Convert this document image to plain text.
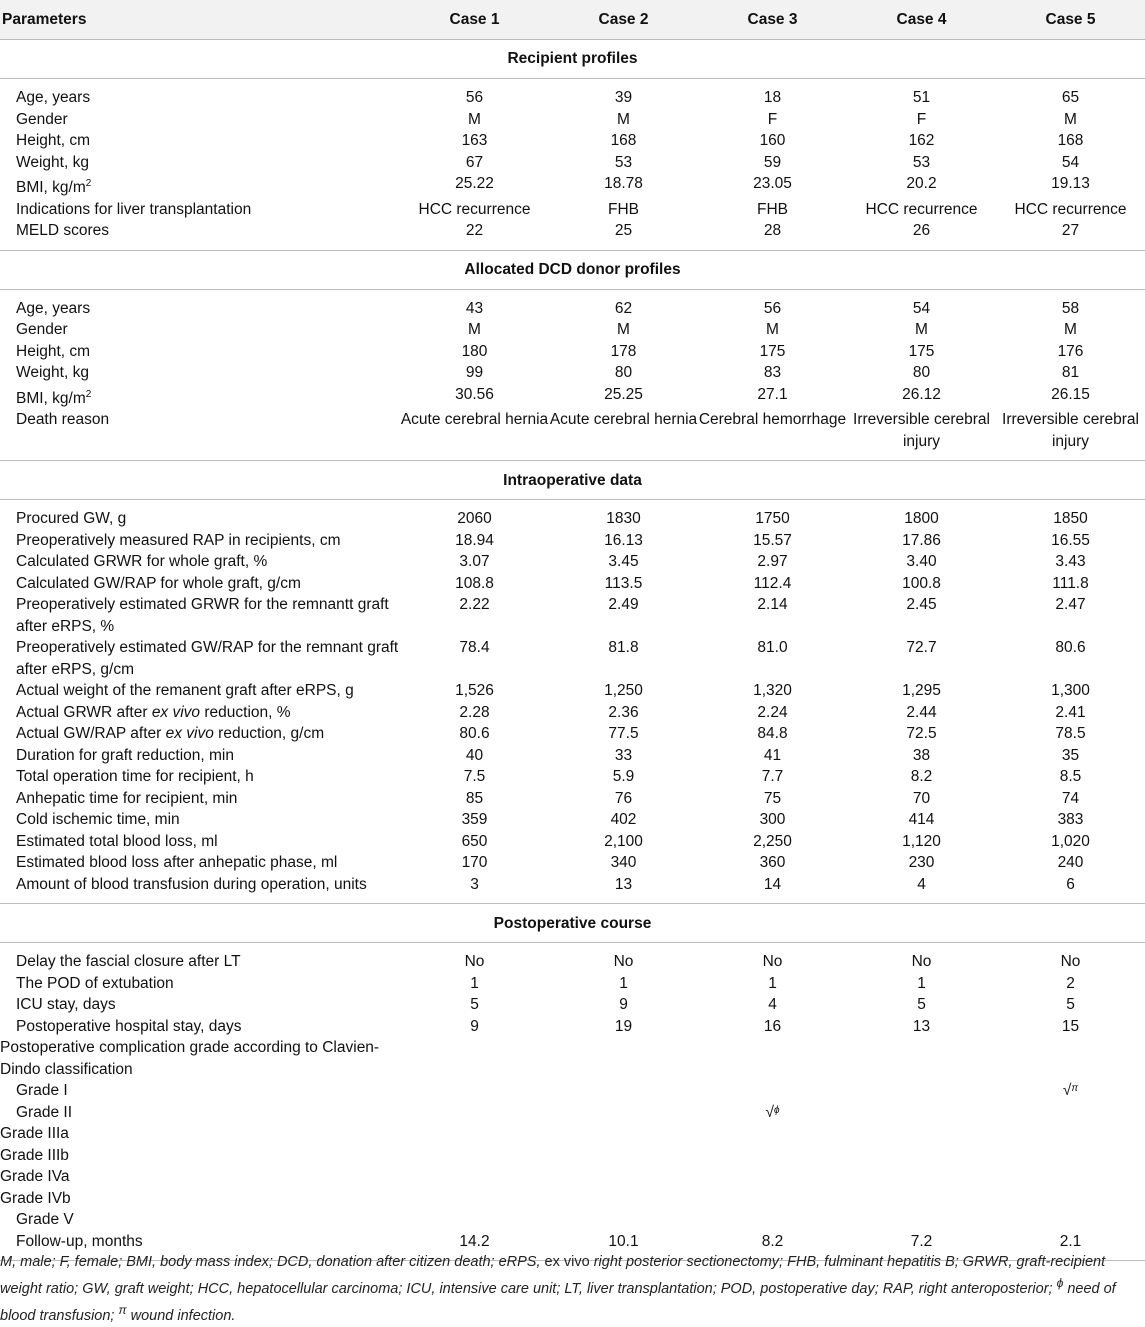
Parameters	Case 1	Case 2	Case 3	Case 4	Case 5
Recipient profiles					
Age, years	56	39	18	51	65
Gender	M	M	F	F	M
Height, cm	163	168	160	162	168
Weight, kg	67	53	59	53	54
BMI, $kg/m^2$	25.22	18.78	23.05	20.2	19.13
Indications for liver transplantation	HCC recurrence	FHB	FHB	HCC recurrence	HCC recurrence
MELD scores	22	25	28	26	27
Allocated DCD donor profiles					
Age, years	43	62	56	54	58
Gender	M	M	M	M	M
Height, cm	180	178	175	175	176
Weight, kg	99	80	83	80	81
BMI, $kg/m^2$	30.56	25.25	27.1	26.12	26.15
Death reason	Acute cerebral hernia	Acute cerebral hernia	Cerebral hemorrhage	Irreversible cerebral injury	Irreversible cerebral injury
Intraoperative data					
Procured GW, g	2060	1830	1750	1800	1850
Preoperatively measured RAP in recipients, cm	18.94	16.13	15.57	17.86	16.55
Calculated GRWR for whole graft, %	3.07	3.45	2.97	3.40	3.43
Calculated GW/RAP for whole graft, g/cm	108.8	113.5	112.4	100.8	111.8
Preoperatively estimated GRWR for the remnantt graft after eRPS, %	2.22	2.49	2.14	2.45	2.47
Preoperatively estimated GW/RAP for the remnant graft after eRPS, g/cm	78.4	81.8	81.0	72.7	80.6
Actual weight of the remanent graft after eRPS, g	1,526	1,250	1,320	1,295	1,300
Actual GRWR after ex vivo reduction, %	2.28	2.36	2.24	2.44	2.41
Actual GW/RAP after ex vivo reduction, g/cm	80.6	77.5	84.8	72.5	78.5
Duration for graft reduction, min	40	33	41	38	35
Total operation time for recipient, h	7.5	5.9	7.7	8.2	8.5
Anhepatic time for recipient, min	85	76	75	70	74
Cold ischemic time, min	359	402	300	414	383
Estimated total blood loss, ml	650	2,100	2,250	1,120	1,020
Estimated blood loss after anhepatic phase, ml	170	340	360	230	240
Amount of blood transfusion during operation, units	3	13	14	4	6
Postoperative course					
Delay the fascial closure after LT	No	No	No	No	No
The POD of extubation	1	1	1	1	2
ICU stay, days	5	9	4	5	5
Postoperative hospital stay, days	9	19	16	13	15
Postoperative complication grade according to Clavien-Dindo classification					
Grade I					√$^\pi$
Grade II			√$^\phi$		
Grade IIIa					
Grade IIIb					
Grade IVa					
Grade IVb					
Grade V					
Follow-up, months	14.2	10.1	8.2	7.2	2.1
M, male; F, female; BMI, body mass index; DCD, donation after citizen death; eRPS, ex vivo right posterior sectionectomy; FHB, fulminant hepatitis B; GRWR, graft-recipient weight ratio; GW, graft weight; HCC, hepatocellular carcinoma; ICU, intensive care unit; LT, liver transplantation; POD, postoperative day; RAP, right anteroposterior; $^\phi$ need of blood transfusion; $^\pi$ wound infection.
